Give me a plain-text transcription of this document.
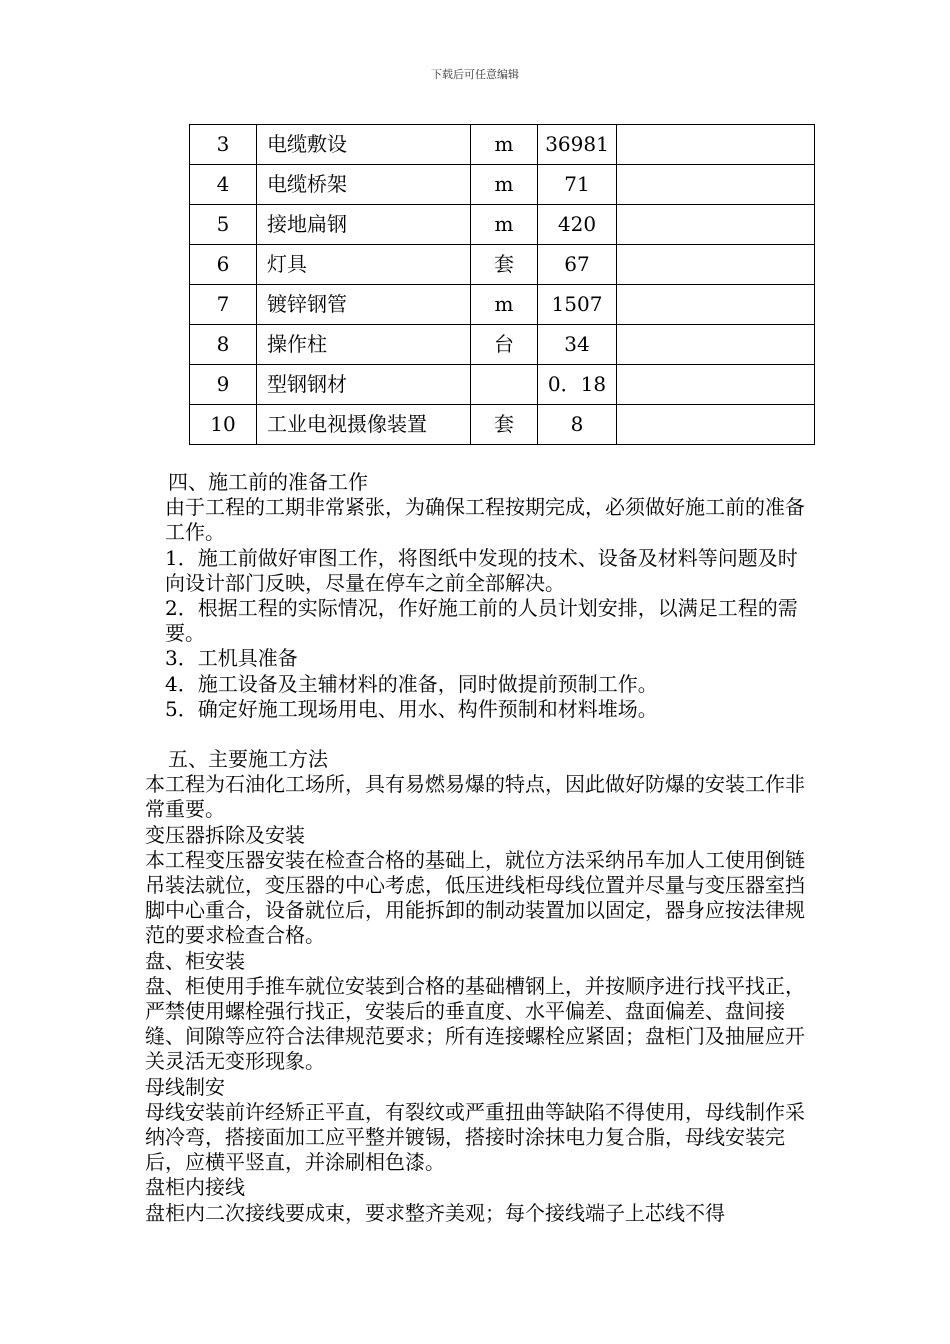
下载后可任意编辑
3	电缆敷设	m	36981	
4	电缆桥架	m	71	
5	接地扁钢	m	420	
6	灯具	套	67	
7	镀锌钢管	m	1507	
8	操作柱	台	34	
9	型钢钢材		0．18	
10	工业电视摄像装置	套	8	

四、施工前的准备工作

由于工程的工期非常紧张，为确保工程按期完成，必须做好施工前的准备工作。

1．施工前做好审图工作，将图纸中发现的技术、设备及材料等问题及时向设计部门反映，尽量在停车之前全部解决。

2．根据工程的实际情况，作好施工前的人员计划安排，以满足工程的需要。

3．工机具准备

4．施工设备及主辅材料的准备，同时做提前预制工作。

5．确定好施工现场用电、用水、构件预制和材料堆场。

五、主要施工方法

本工程为石油化工场所，具有易燃易爆的特点，因此做好防爆的安装工作非常重要。

变压器拆除及安装

本工程变压器安装在检查合格的基础上，就位方法采纳吊车加人工使用倒链吊装法就位，变压器的中心考虑，低压进线柜母线位置并尽量与变压器室挡脚中心重合，设备就位后，用能拆卸的制动装置加以固定，器身应按法律规范的要求检查合格。

盘、柜安装

盘、柜使用手推车就位安装到合格的基础槽钢上，并按顺序进行找平找正，严禁使用螺栓强行找正，安装后的垂直度、水平偏差、盘面偏差、盘间接缝、间隙等应符合法律规范要求；所有连接螺栓应紧固；盘柜门及抽屉应开关灵活无变形现象。

母线制安

母线安装前许经矫正平直，有裂纹或严重扭曲等缺陷不得使用，母线制作采纳冷弯，搭接面加工应平整并镀锡，搭接时涂抹电力复合脂，母线安装完后，应横平竖直，并涂刷相色漆。

盘柜内接线

盘柜内二次接线要成束，要求整齐美观；每个接线端子上芯线不得
